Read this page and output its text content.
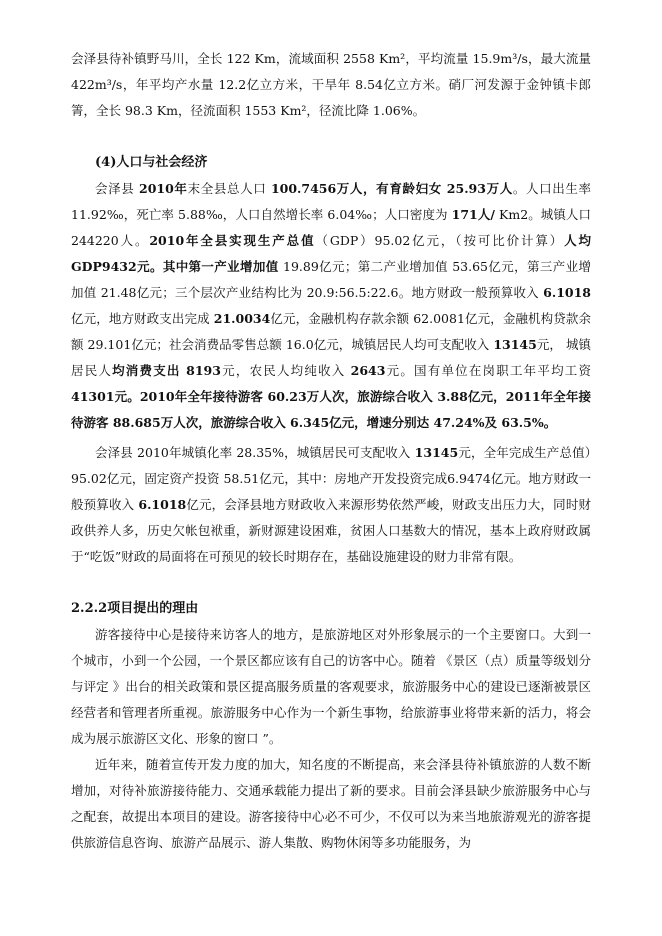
会泽县待补镇野马川，全长 122 Km，流域面积 2558 Km²，平均流量 15.9m³/s，最大流量 422m³/s，年平均产水量 12.2亿立方米，干旱年 8.54亿立方米。硝厂河发源于金钟镇卡郎箐，全长 98.3 Km，径流面积 1553 Km²，径流比降 1.06%。
(4)人口与社会经济
会泽县 2010年末全县总人口 100.7456万人，有育龄妇女 25.93万人。人口出生率 11.92‰，死亡率 5.88‰，人口自然增长率 6.04‰；人口密度为 171人/ Km2。城镇人口 244220人。2010年全县实现生产总值（GDP）95.02亿元，（按可比价计算）人均 GDP9432元。其中第一产业增加值 19.89亿元；第二产业增加值 53.65亿元，第三产业增加值 21.48亿元；三个层次产业结构比为 20.9:56.5:22.6。地方财政一般预算收入 6.1018亿元，地方财政支出完成 21.0034亿元，金融机构存款余额 62.0081亿元，金融机构贷款余额 29.101亿元；社会消费品零售总额 16.0亿元，城镇居民人均可支配收入 13145元， 城镇居民人均消费支出 8193元，农民人均纯收入 2643元。国有单位在岗职工年平均工资 41301元。2010年全年接待游客 60.23万人次，旅游综合收入 3.88亿元，2011年全年接待游客 88.685万人次，旅游综合收入 6.345亿元，增速分别达 47.24%及 63.5%。
会泽县 2010年城镇化率 28.35%，城镇居民可支配收入 13145元，全年完成生产总值）95.02亿元，固定资产投资 58.51亿元，其中：房地产开发投资完成6.9474亿元。地方财政一般预算收入 6.1018亿元，会泽县地方财政收入来源形势依然严峻，财政支出压力大，同时财政供养人多，历史欠帐包袱重，新财源建设困难，贫困人口基数大的情况，基本上政府财政属于“吃饭”财政的局面将在可预见的较长时期存在，基础设施建设的财力非常有限。
2.2.2项目提出的理由
游客接待中心是接待来访客人的地方，是旅游地区对外形象展示的一个主要窗口。大到一个城市，小到一个公园，一个景区都应该有自己的访客中心。随着 《景区（点）质量等级划分与评定 》出台的相关政策和景区提高服务质量的客观要求，旅游服务中心的建设已逐渐被景区经营者和管理者所重视。旅游服务中心作为一个新生事物，给旅游事业将带来新的活力，将会成为展示旅游区文化、形象的窗口 ”。
近年来，随着宣传开发力度的加大，知名度的不断提高，来会泽县待补镇旅游的人数不断增加，对待补旅游接待能力、交通承载能力提出了新的要求。目前会泽县缺少旅游服务中心与之配套，故提出本项目的建设。游客接待中心必不可少，不仅可以为来当地旅游观光的游客提供旅游信息咨询、旅游产品展示、游人集散、购物休闲等多功能服务，为
